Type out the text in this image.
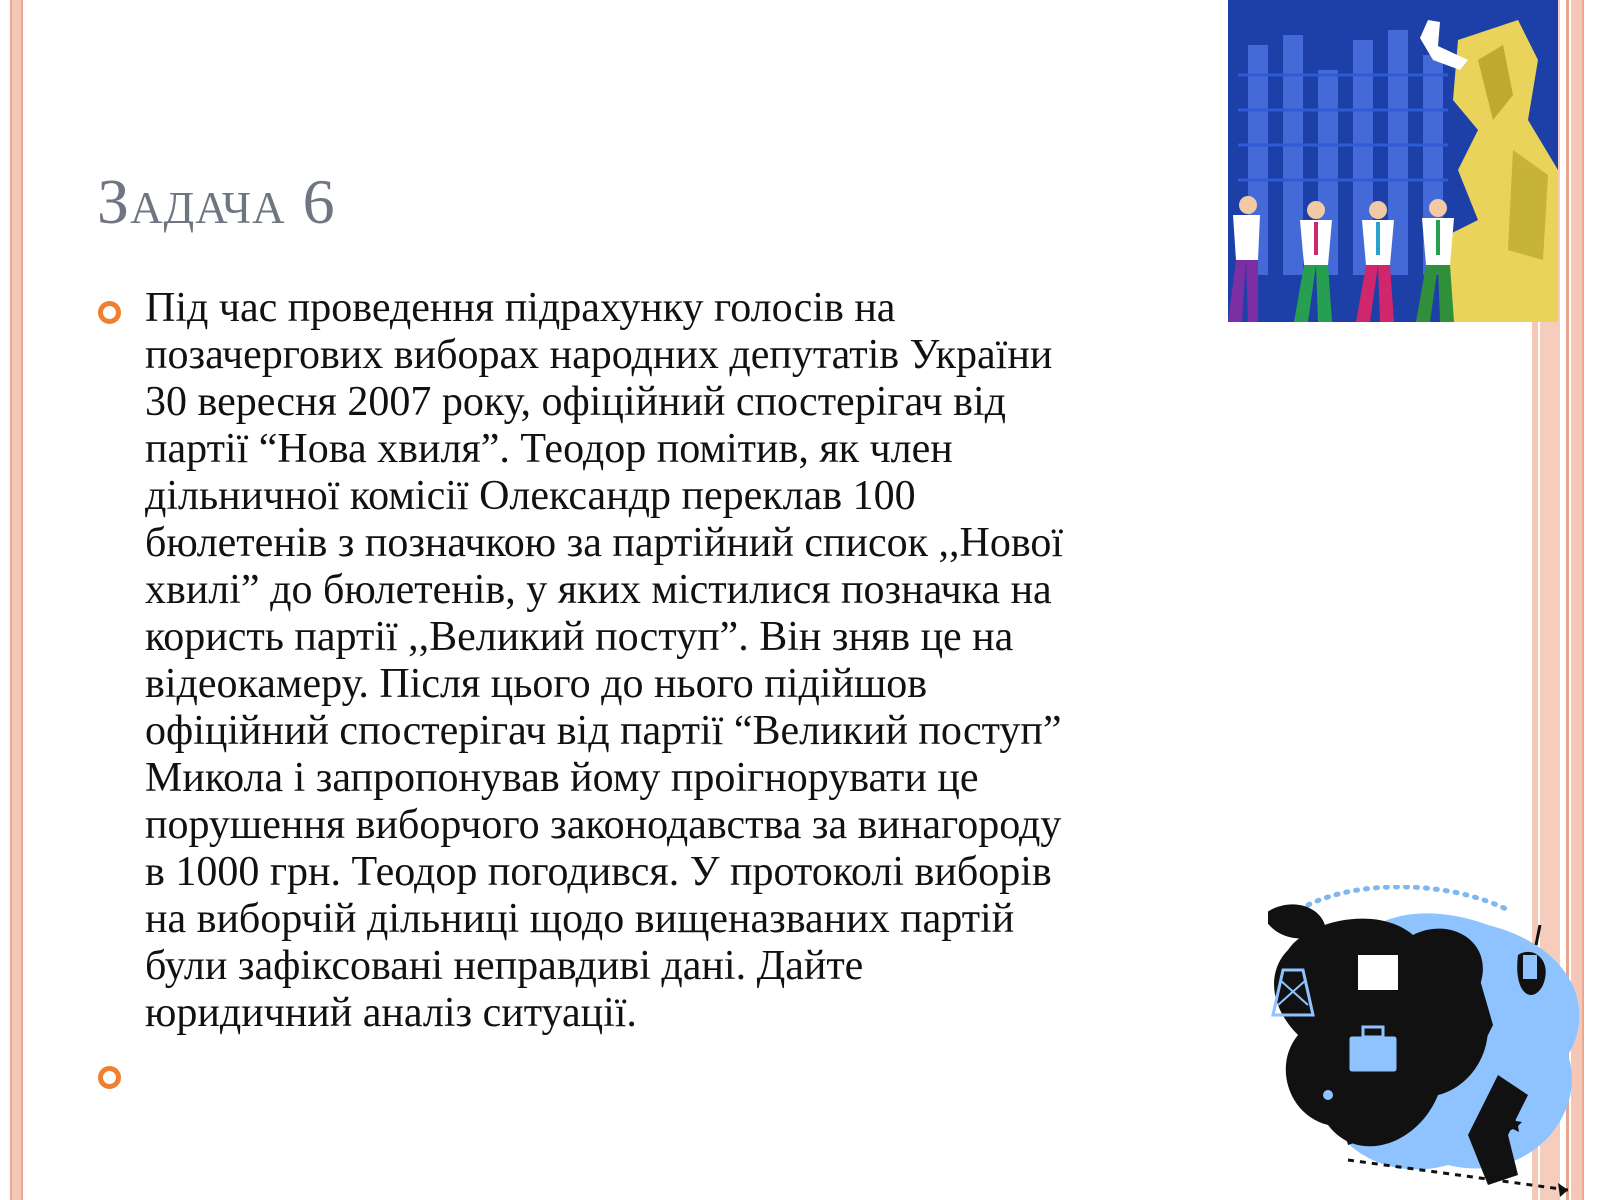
Задача 6
Під час проведення підрахунку голосів на
позачергових виборах народних депутатів України
30 вересня 2007 року, офіційний спостерігач від
партії “Нова хвиля”. Теодор помітив, як член
дільничної комісії Олександр переклав 100
бюлетенів з позначкою за партійний список ,,Нової
хвилі” до бюлетенів, у яких містилися позначка на
користь партії ,,Великий поступ”. Він зняв це на
відеокамеру. Після цього до нього підійшов
офіційний спостерігач від партії “Великий поступ”
Микола і запропонував йому проігнорувати це
порушення виборчого законодавства за винагороду
в 1000 грн. Теодор погодився. У протоколі виборів
на виборчій дільниці щодо вищеназваних партій
були зафіксовані неправдиві дані. Дайте
юридичний аналіз ситуації.
